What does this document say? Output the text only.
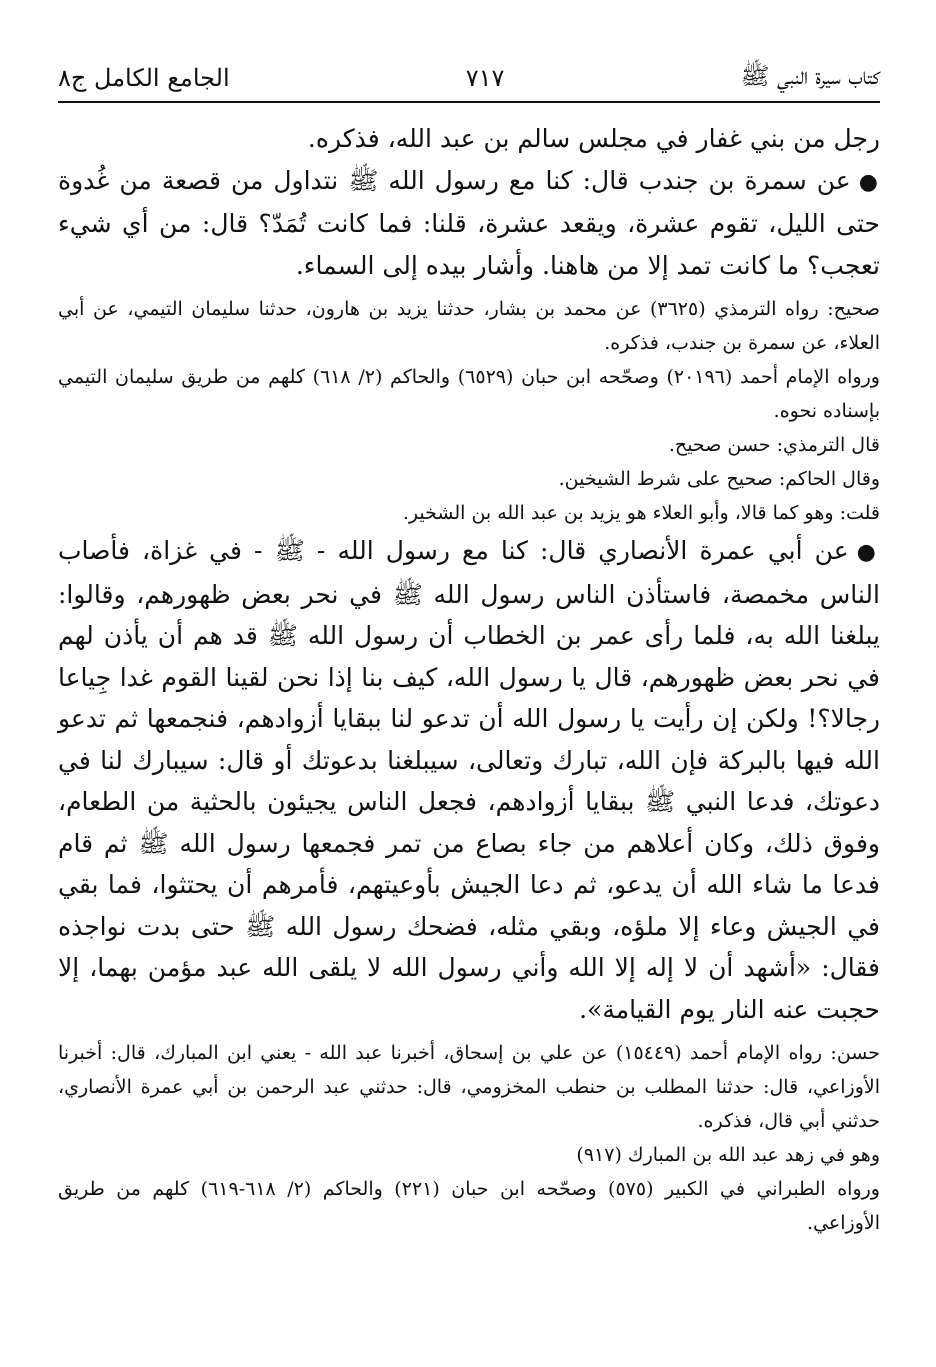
كتاب سيرة النبي ﷺ
٧١٧
الجامع الكامل ج٨

رجل من بني غفار في مجلس سالم بن عبد الله، فذكره.

●عن سمرة بن جندب قال: كنا مع رسول الله ﷺ نتداول من قصعة من غُدوة حتى الليل، تقوم عشرة، ويقعد عشرة، قلنا: فما كانت تُمَدّ؟ قال: من أي شيء تعجب؟ ما كانت تمد إلا من هاهنا. وأشار بيده إلى السماء.

صحيح: رواه الترمذي (٣٦٢٥) عن محمد بن بشار، حدثنا يزيد بن هارون، حدثنا سليمان التيمي، عن أبي العلاء، عن سمرة بن جندب، فذكره.

ورواه الإمام أحمد (٢٠١٩٦) وصحّحه ابن حبان (٦٥٢٩) والحاكم (٢/ ٦١٨) كلهم من طريق سليمان التيمي بإسناده نحوه.

قال الترمذي: حسن صحيح.

وقال الحاكم: صحيح على شرط الشيخين.

قلت: وهو كما قالا، وأبو العلاء هو يزيد بن عبد الله بن الشخير.

●عن أبي عمرة الأنصاري قال: كنا مع رسول الله - ﷺ - في غزاة، فأصاب الناس مخمصة، فاستأذن الناس رسول الله ﷺ في نحر بعض ظهورهم، وقالوا: يبلغنا الله به، فلما رأى عمر بن الخطاب أن رسول الله ﷺ قد هم أن يأذن لهم في نحر بعض ظهورهم، قال يا رسول الله، كيف بنا إذا نحن لقينا القوم غدا جِياعا رجالا؟! ولكن إن رأيت يا رسول الله أن تدعو لنا ببقايا أزوادهم، فنجمعها ثم تدعو الله فيها بالبركة فإن الله، تبارك وتعالى، سيبلغنا بدعوتك أو قال: سيبارك لنا في دعوتك، فدعا النبي ﷺ ببقايا أزوادهم، فجعل الناس يجيئون بالحثية من الطعام، وفوق ذلك، وكان أعلاهم من جاء بصاع من تمر فجمعها رسول الله ﷺ ثم قام فدعا ما شاء الله أن يدعو، ثم دعا الجيش بأوعيتهم، فأمرهم أن يحتثوا، فما بقي في الجيش وعاء إلا ملؤه، وبقي مثله، فضحك رسول الله ﷺ حتى بدت نواجذه فقال: «أشهد أن لا إله إلا الله وأني رسول الله لا يلقى الله عبد مؤمن بهما، إلا حجبت عنه النار يوم القيامة».

حسن: رواه الإمام أحمد (١٥٤٤٩) عن علي بن إسحاق، أخبرنا عبد الله - يعني ابن المبارك، قال: أخبرنا الأوزاعي، قال: حدثنا المطلب بن حنطب المخزومي، قال: حدثني عبد الرحمن بن أبي عمرة الأنصاري، حدثني أبي قال، فذكره.

وهو في زهد عبد الله بن المبارك (٩١٧)

ورواه الطبراني في الكبير (٥٧٥) وصحّحه ابن حبان (٢٢١) والحاكم (٢/ ٦١٨-٦١٩) كلهم من طريق الأوزاعي.
